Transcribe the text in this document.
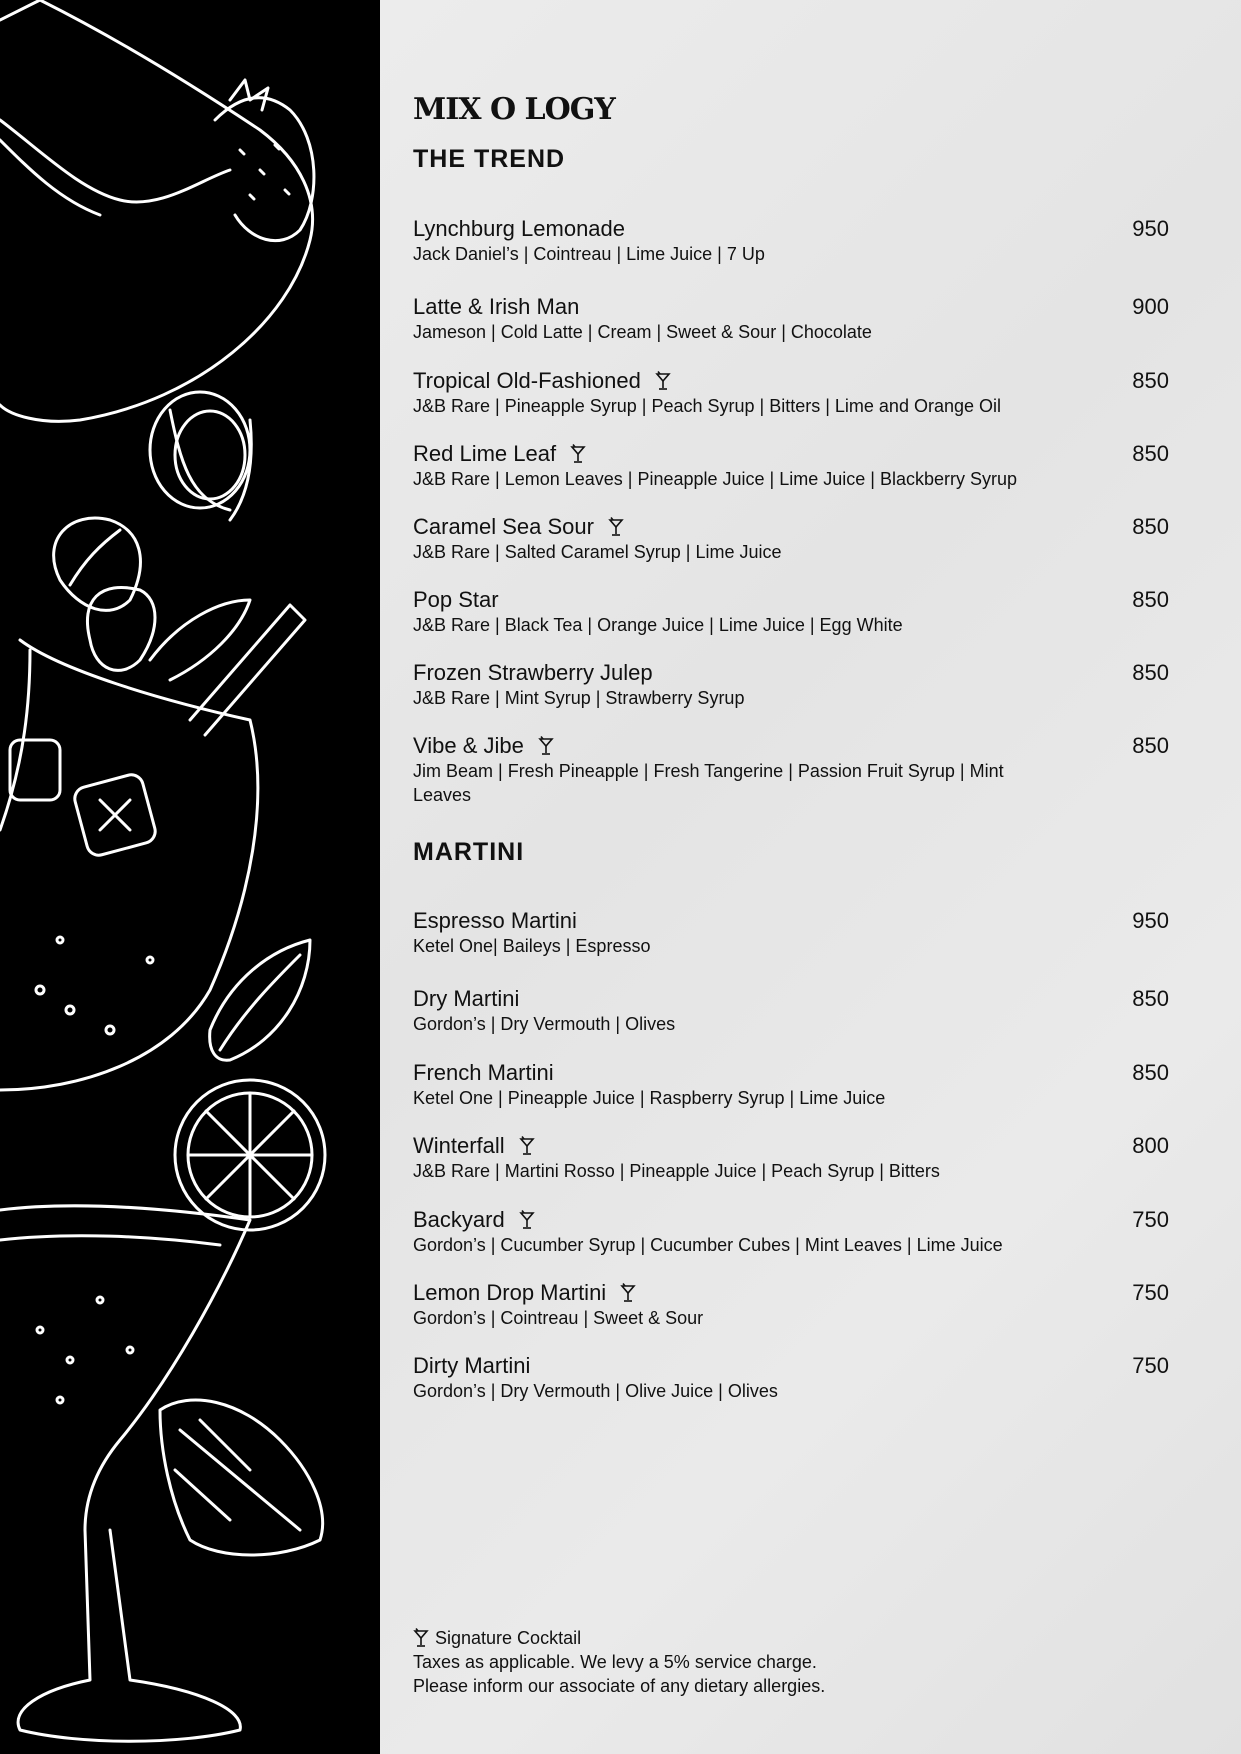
MIX O LOGY
THE TREND
Lynchburg Lemonade	950
Jack Daniel’s | Cointreau | Lime Juice | 7 Up
Latte & Irish Man	900
Jameson | Cold Latte | Cream | Sweet & Sour | Chocolate
Tropical Old-Fashioned	850
J&B Rare | Pineapple Syrup | Peach Syrup | Bitters | Lime and Orange Oil
Red Lime Leaf	850
J&B Rare | Lemon Leaves | Pineapple Juice | Lime Juice | Blackberry Syrup
Caramel Sea Sour	850
J&B Rare | Salted Caramel Syrup | Lime Juice
Pop Star	850
J&B Rare | Black Tea | Orange Juice | Lime Juice | Egg White
Frozen Strawberry Julep	850
J&B Rare | Mint Syrup | Strawberry Syrup
Vibe & Jibe	850
Jim Beam | Fresh Pineapple | Fresh Tangerine | Passion Fruit Syrup | Mint Leaves
MARTINI
Espresso Martini	950
Ketel One| Baileys | Espresso
Dry Martini	850
Gordon’s | Dry Vermouth | Olives
French Martini	850
Ketel One | Pineapple Juice | Raspberry Syrup | Lime Juice
Winterfall	800
J&B Rare | Martini Rosso | Pineapple Juice | Peach Syrup | Bitters
Backyard	750
Gordon’s | Cucumber Syrup | Cucumber Cubes | Mint Leaves | Lime Juice
Lemon Drop Martini	750
Gordon’s | Cointreau | Sweet & Sour
Dirty Martini	750
Gordon’s | Dry Vermouth | Olive Juice | Olives
Signature Cocktail
Taxes as applicable. We levy a 5% service charge.
Please inform our associate of any dietary allergies.
